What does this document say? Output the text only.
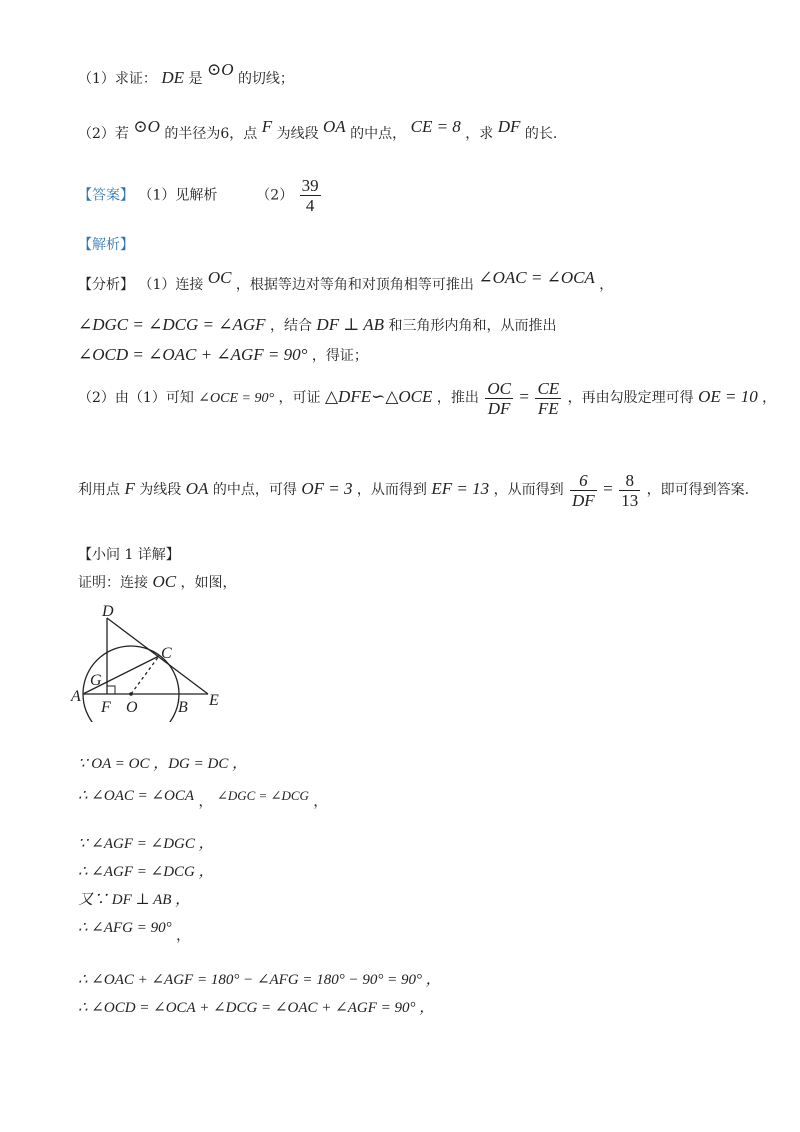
（1）求证： DE 是 ⊙O 的切线；
（2）若 ⊙O 的半径为6，点 F 为线段 OA 的中点， CE = 8 ，求 DF 的长.
【答案】 （1）见解析	$(2) \frac{39}{4}$
【解析】
【分析】 （1）连接 OC ，根据等边对等角和对顶角相等可推出 ∠OAC = ∠OCA ，
∠DGC = ∠DCG = ∠AGF ，结合 DF ⊥ AB 和三角形内角和，从而推出
∠OCD = ∠OAC + ∠AGF = 90° ，得证；
（2）由（1）可知 ∠OCE = 90° ，可证 △DFE∽△OCE ，推出 $\frac{OC}{DF} = \frac{CE}{FE}$ ，再由勾股定理可得 OE = 10 ，
利用点 F 为线段 OA 的中点，可得 OF = 3 ，从而得到 EF = 13 ，从而得到 $\frac{6}{DF} = \frac{8}{13}$ ，即可得到答案.
【小问 1 详解】
证明：连接 OC ，如图，
D
C
G
A
F O	B E
∵ OA = OC ，DG = DC ，
∴ ∠OAC = ∠OCA ， ∠DGC = ∠DCG ，
∵ ∠AGF = ∠DGC ，
∴ ∠AGF = ∠DCG ，
又∵ DF ⊥ AB ，
∴ ∠AFG = 90° ，
∴ ∠OAC + ∠AGF = 180° − ∠AFG = 180° − 90° = 90° ，
∴ ∠OCD = ∠OCA + ∠DCG = ∠OAC + ∠AGF = 90° ，
